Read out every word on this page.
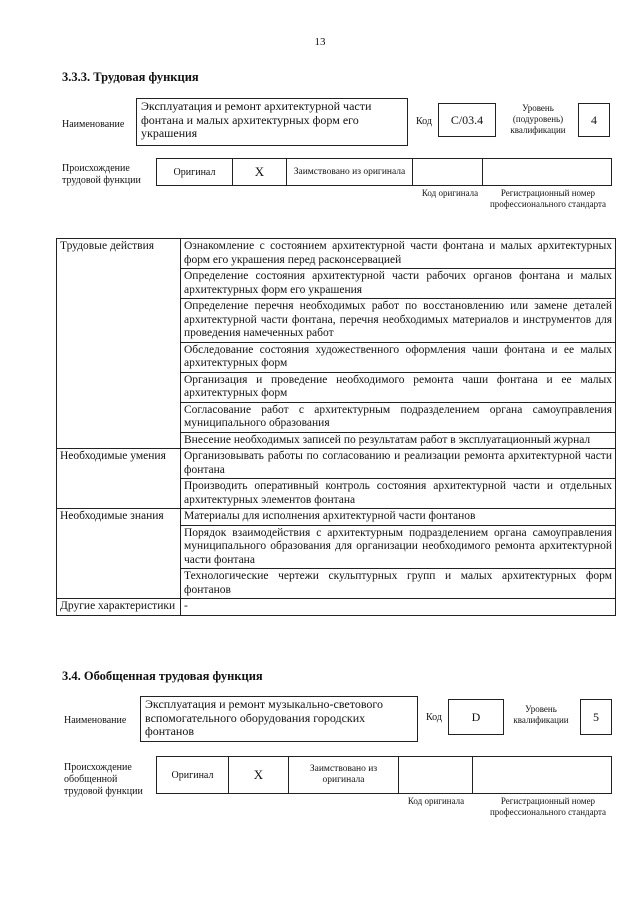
13
3.3.3. Трудовая функция
Наименование
Эксплуатация и ремонт архитектурной части фонтана и малых архитектурных форм его украшения
Код C/03.4
Уровень (подуровень) квалификации
4
Происхождение трудовой функции
Оригинал	X	Заимствовано из оригинала
Код оригинала	Регистрационный номер профессионального стандарта
Трудовые действия	Ознакомление с состоянием архитектурной части фонтана и малых архитектурных форм его украшения перед расконсервацией
	Определение состояния архитектурной части рабочих органов фонтана и малых архитектурных форм его украшения
	Определение перечня необходимых работ по восстановлению или замене деталей архитектурной части фонтана, перечня необходимых материалов и инструментов для проведения намеченных работ
	Обследование состояния художественного оформления чаши фонтана и ее малых архитектурных форм
	Организация и проведение необходимого ремонта чаши фонтана и ее малых архитектурных форм
	Согласование работ с архитектурным подразделением органа самоуправления муниципального образования
	Внесение необходимых записей по результатам работ в эксплуатационный журнал
Необходимые умения	Организовывать работы по согласованию и реализации ремонта архитектурной части фонтана
	Производить оперативный контроль состояния архитектурной части и отдельных архитектурных элементов фонтана
Необходимые знания	Материалы для исполнения архитектурной части фонтанов
	Порядок взаимодействия с архитектурным подразделением органа самоуправления муниципального образования для организации необходимого ремонта архитектурной части фонтана
	Технологические чертежи скульптурных групп и малых архитектурных форм фонтанов
Другие характеристики	-
3.4. Обобщенная трудовая функция
Наименование
Эксплуатация и ремонт музыкально-светового вспомогательного оборудования городских фонтанов
Код D
Уровень квалификации	5
Происхождение обобщенной трудовой функции
Оригинал	X	Заимствовано из оригинала
Код оригинала	Регистрационный номер профессионального стандарта
